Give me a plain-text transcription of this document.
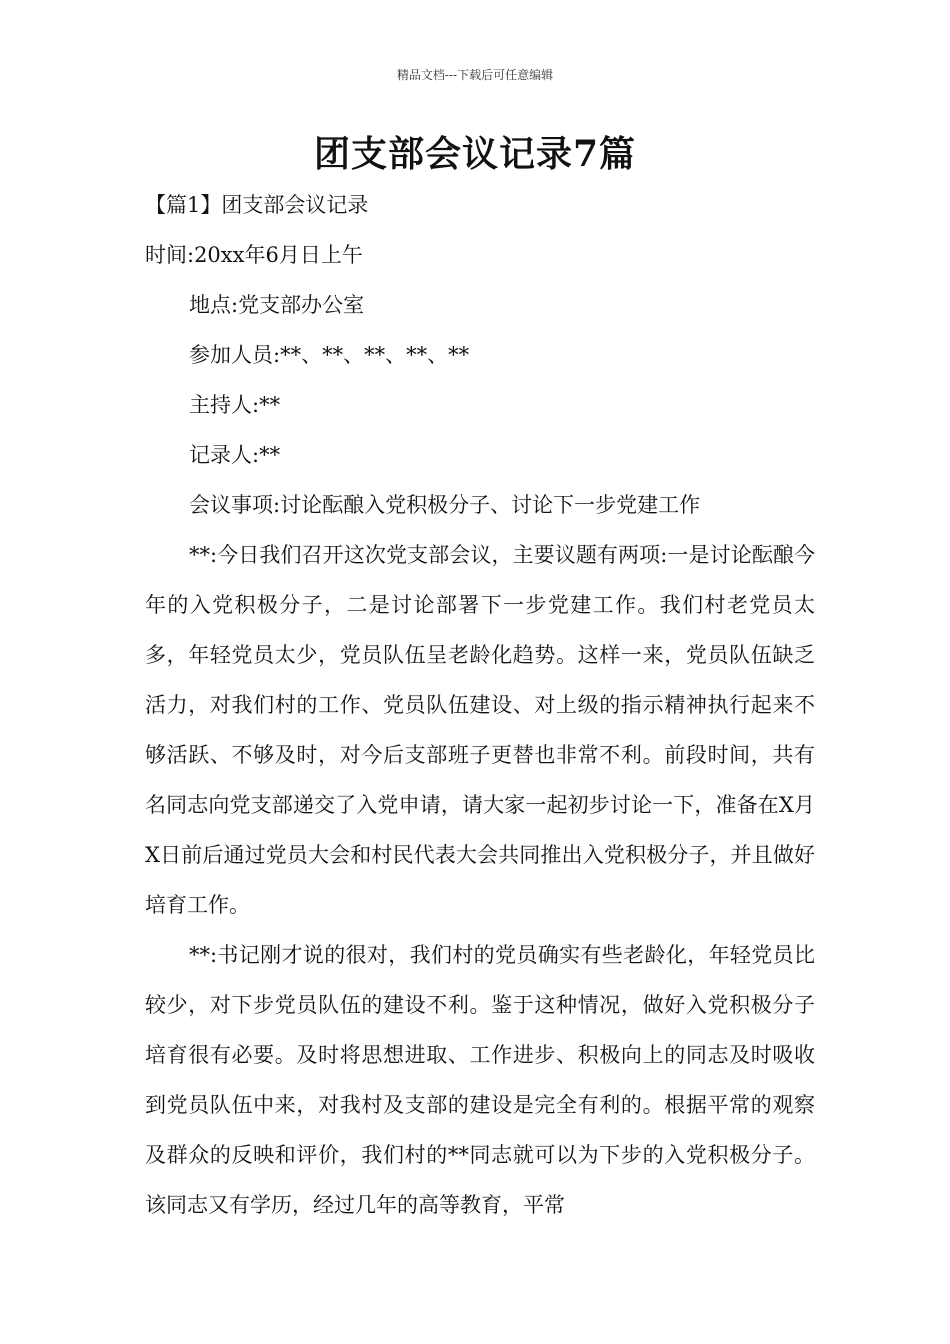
精品文档---下载后可任意编辑
团支部会议记录7篇
【篇1】团支部会议记录
时间:20xx年6月日上午
地点:党支部办公室
参加人员:**、**、**、**、**
主持人:**
记录人:**
会议事项:讨论酝酿入党积极分子、讨论下一步党建工作

**:今日我们召开这次党支部会议，主要议题有两项:一是讨论酝酿今年的入党积极分子，二是讨论部署下一步党建工作。我们村老党员太多，年轻党员太少，党员队伍呈老龄化趋势。这样一来，党员队伍缺乏活力，对我们村的工作、党员队伍建设、对上级的指示精神执行起来不够活跃、不够及时，对今后支部班子更替也非常不利。前段时间，共有名同志向党支部递交了入党申请，请大家一起初步讨论一下，准备在X月X日前后通过党员大会和村民代表大会共同推出入党积极分子，并且做好培育工作。

**:书记刚才说的很对，我们村的党员确实有些老龄化，年轻党员比较少，对下步党员队伍的建设不利。鉴于这种情况，做好入党积极分子培育很有必要。及时将思想进取、工作进步、积极向上的同志及时吸收到党员队伍中来，对我村及支部的建设是完全有利的。根据平常的观察及群众的反映和评价，我们村的**同志就可以为下步的入党积极分子。该同志又有学历，经过几年的高等教育，平常
